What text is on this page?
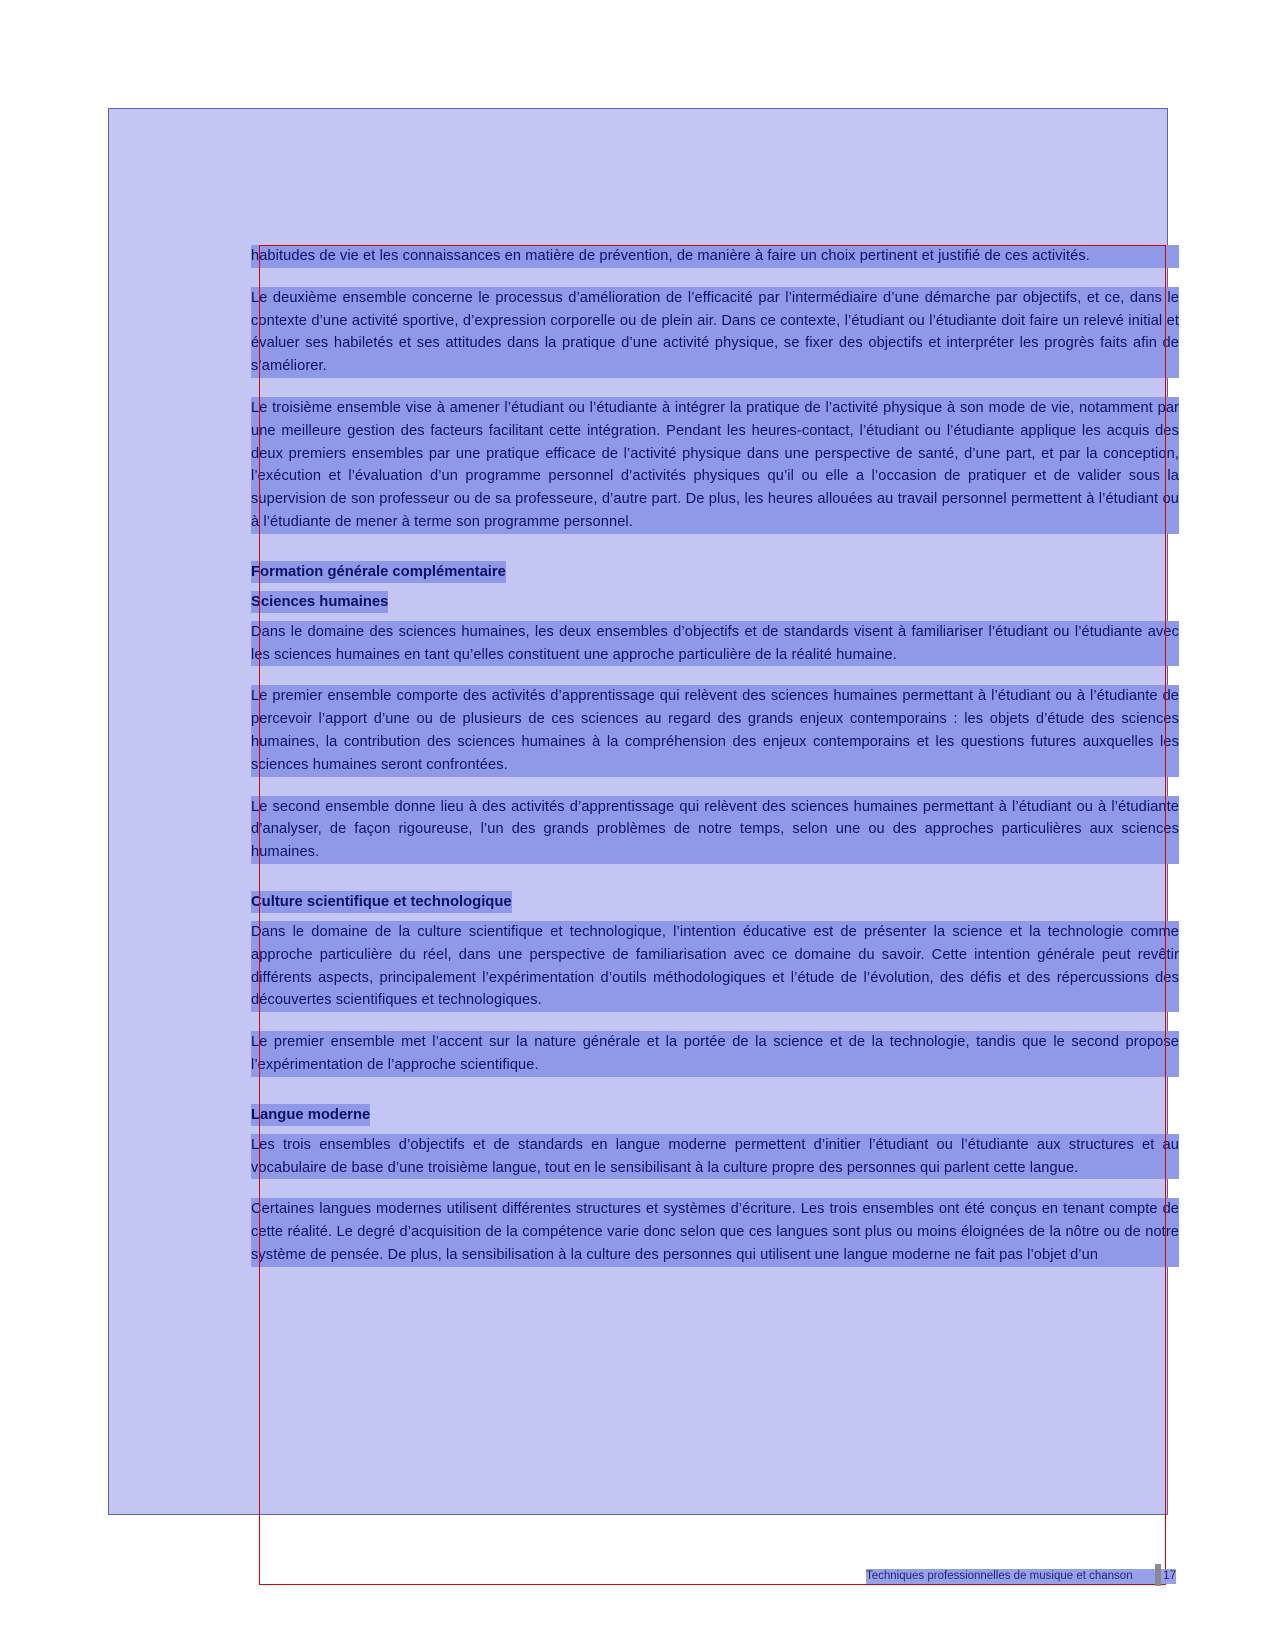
habitudes de vie et les connaissances en matière de prévention, de manière à faire un choix pertinent et justifié de ces activités.

Le deuxième ensemble concerne le processus d’amélioration de l’efficacité par l’intermédiaire d’une démarche par objectifs, et ce, dans le contexte d’une activité sportive, d’expression corporelle ou de plein air. Dans ce contexte, l’étudiant ou l’étudiante doit faire un relevé initial et évaluer ses habiletés et ses attitudes dans la pratique d’une activité physique, se fixer des objectifs et interpréter les progrès faits afin de s’améliorer.

Le troisième ensemble vise à amener l’étudiant ou l’étudiante à intégrer la pratique de l’activité physique à son mode de vie, notamment par une meilleure gestion des facteurs facilitant cette intégration. Pendant les heures-contact, l’étudiant ou l’étudiante applique les acquis des deux premiers ensembles par une pratique efficace de l’activité physique dans une perspective de santé, d’une part, et par la conception, l’exécution et l’évaluation d’un programme personnel d’activités physiques qu’il ou elle a l’occasion de pratiquer et de valider sous la supervision de son professeur ou de sa professeure, d’autre part. De plus, les heures allouées au travail personnel permettent à l’étudiant ou à l’étudiante de mener à terme son programme personnel.

Formation générale complémentaire
Sciences humaines

Dans le domaine des sciences humaines, les deux ensembles d’objectifs et de standards visent à familiariser l’étudiant ou l’étudiante avec les sciences humaines en tant qu’elles constituent une approche particulière de la réalité humaine.

Le premier ensemble comporte des activités d’apprentissage qui relèvent des sciences humaines permettant à l’étudiant ou à l’étudiante de percevoir l’apport d’une ou de plusieurs de ces sciences au regard des grands enjeux contemporains : les objets d’étude des sciences humaines, la contribution des sciences humaines à la compréhension des enjeux contemporains et les questions futures auxquelles les sciences humaines seront confrontées.

Le second ensemble donne lieu à des activités d’apprentissage qui relèvent des sciences humaines permettant à l’étudiant ou à l’étudiante d’analyser, de façon rigoureuse, l’un des grands problèmes de notre temps, selon une ou des approches particulières aux sciences humaines.

Culture scientifique et technologique

Dans le domaine de la culture scientifique et technologique, l’intention éducative est de présenter la science et la technologie comme approche particulière du réel, dans une perspective de familiarisation avec ce domaine du savoir. Cette intention générale peut revêtir différents aspects, principalement l’expérimentation d’outils méthodologiques et l’étude de l’évolution, des défis et des répercussions des découvertes scientifiques et technologiques.

Le premier ensemble met l’accent sur la nature générale et la portée de la science et de la technologie, tandis que le second propose l’expérimentation de l’approche scientifique.

Langue moderne

Les trois ensembles d’objectifs et de standards en langue moderne permettent d’initier l’étudiant ou l’étudiante aux structures et au vocabulaire de base d’une troisième langue, tout en le sensibilisant à la culture propre des personnes qui parlent cette langue.

Certaines langues modernes utilisent différentes structures et systèmes d’écriture. Les trois ensembles ont été conçus en tenant compte de cette réalité. Le degré d’acquisition de la compétence varie donc selon que ces langues sont plus ou moins éloignées de la nôtre ou de notre système de pensée. De plus, la sensibilisation à la culture des personnes qui utilisent une langue moderne ne fait pas l’objet d’un

Techniques professionnelles de musique et chanson	17
